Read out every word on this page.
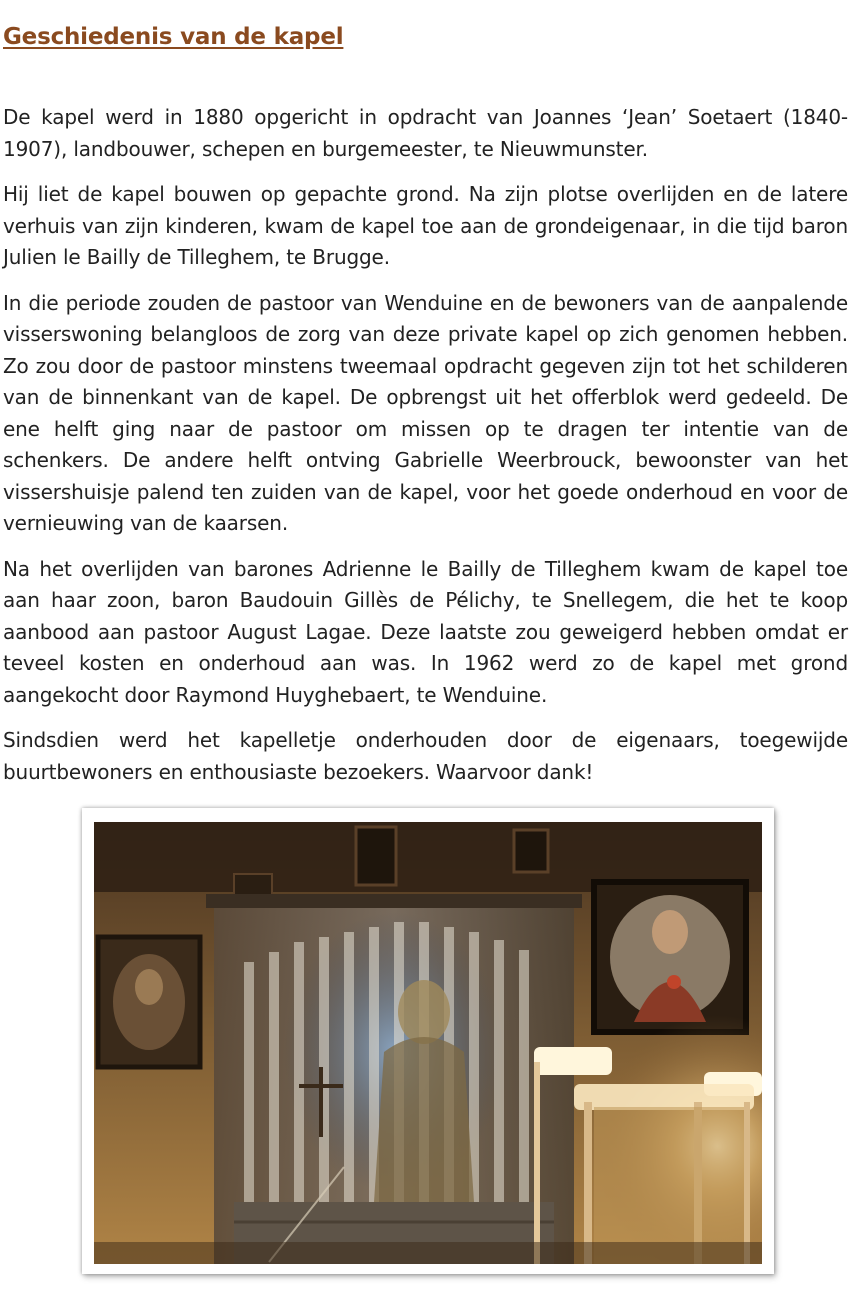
Geschiedenis van de kapel

De kapel werd in 1880 opgericht in opdracht van Joannes ‘Jean’ Soetaert (1840-1907), landbouwer, schepen en burgemeester, te Nieuwmunster.

Hij liet de kapel bouwen op gepachte grond. Na zijn plotse overlijden en de latere verhuis van zijn kinderen, kwam de kapel toe aan de grondeigenaar, in die tijd baron Julien le Bailly de Tilleghem, te Brugge.

In die periode zouden de pastoor van Wenduine en de bewoners van de aanpalende visserswoning belangloos de zorg van deze private kapel op zich genomen hebben. Zo zou door de pastoor minstens tweemaal opdracht gegeven zijn tot het schilderen van de binnenkant van de kapel. De opbrengst uit het offerblok werd gedeeld. De ene helft ging naar de pastoor om missen op te dragen ter intentie van de schenkers. De andere helft ontving Gabrielle Weerbrouck, bewoonster van het vissershuisje palend ten zuiden van de kapel, voor het goede onderhoud en voor de vernieuwing van de kaarsen.

Na het overlijden van barones Adrienne le Bailly de Tilleghem kwam de kapel toe aan haar zoon, baron Baudouin Gillès de Pélichy, te Snellegem, die het te koop aanbood aan pastoor August Lagae. Deze laatste zou geweigerd hebben omdat er teveel kosten en onderhoud aan was. In 1962 werd zo de kapel met grond aangekocht door Raymond Huyghebaert, te Wenduine.

Sindsdien werd het kapelletje onderhouden door de eigenaars, toegewijde buurtbewoners en enthousiaste bezoekers. Waarvoor dank!
